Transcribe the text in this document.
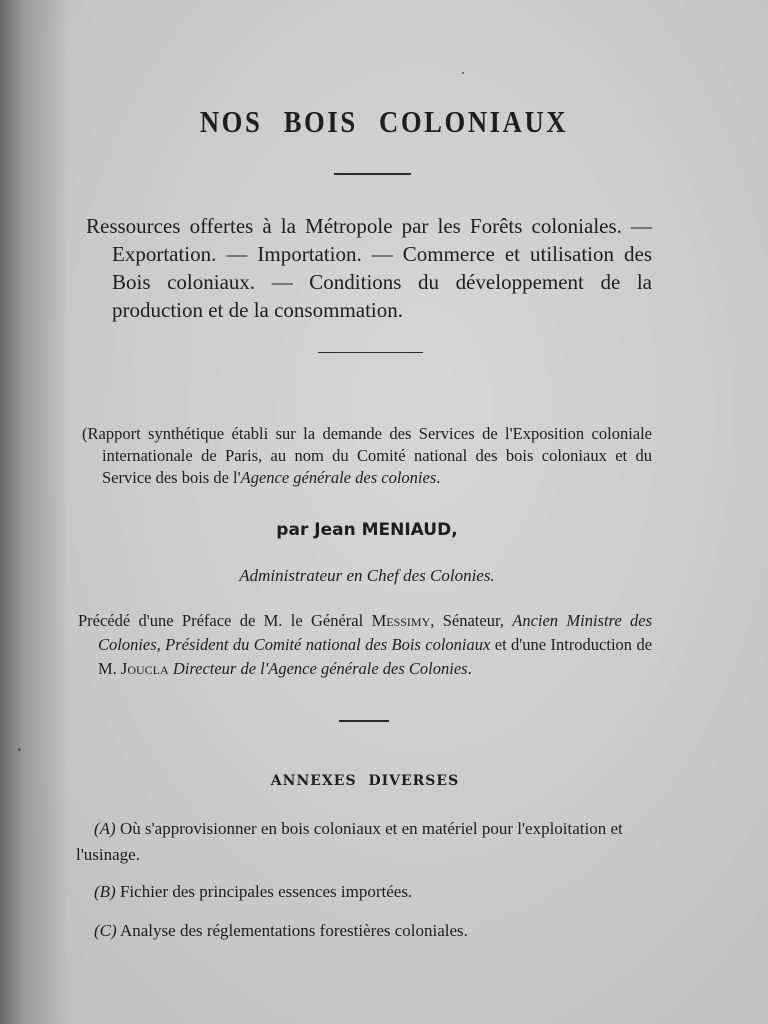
NOS BOIS COLONIAUX
Ressources offertes à la Métropole par les Forêts coloniales. — Exportation. — Importation. — Commerce et utilisation des Bois coloniaux. — Conditions du développement de la production et de la consommation.
(Rapport synthétique établi sur la demande des Services de l'Exposition coloniale internationale de Paris, au nom du Comité national des bois coloniaux et du Service des bois de l'Agence générale des colonies.
par Jean MENIAUD,
Administrateur en Chef des Colonies.
Précédé d'une Préface de M. le Général Messimy, Sénateur, Ancien Ministre des Colonies, Président du Comité national des Bois coloniaux et d'une Introduction de M. Joucla Directeur de l'Agence générale des Colonies.
ANNEXES DIVERSES
(A) Où s'approvisionner en bois coloniaux et en matériel pour l'exploitation et l'usinage.
(B) Fichier des principales essences importées.
(C) Analyse des réglementations forestières coloniales.
